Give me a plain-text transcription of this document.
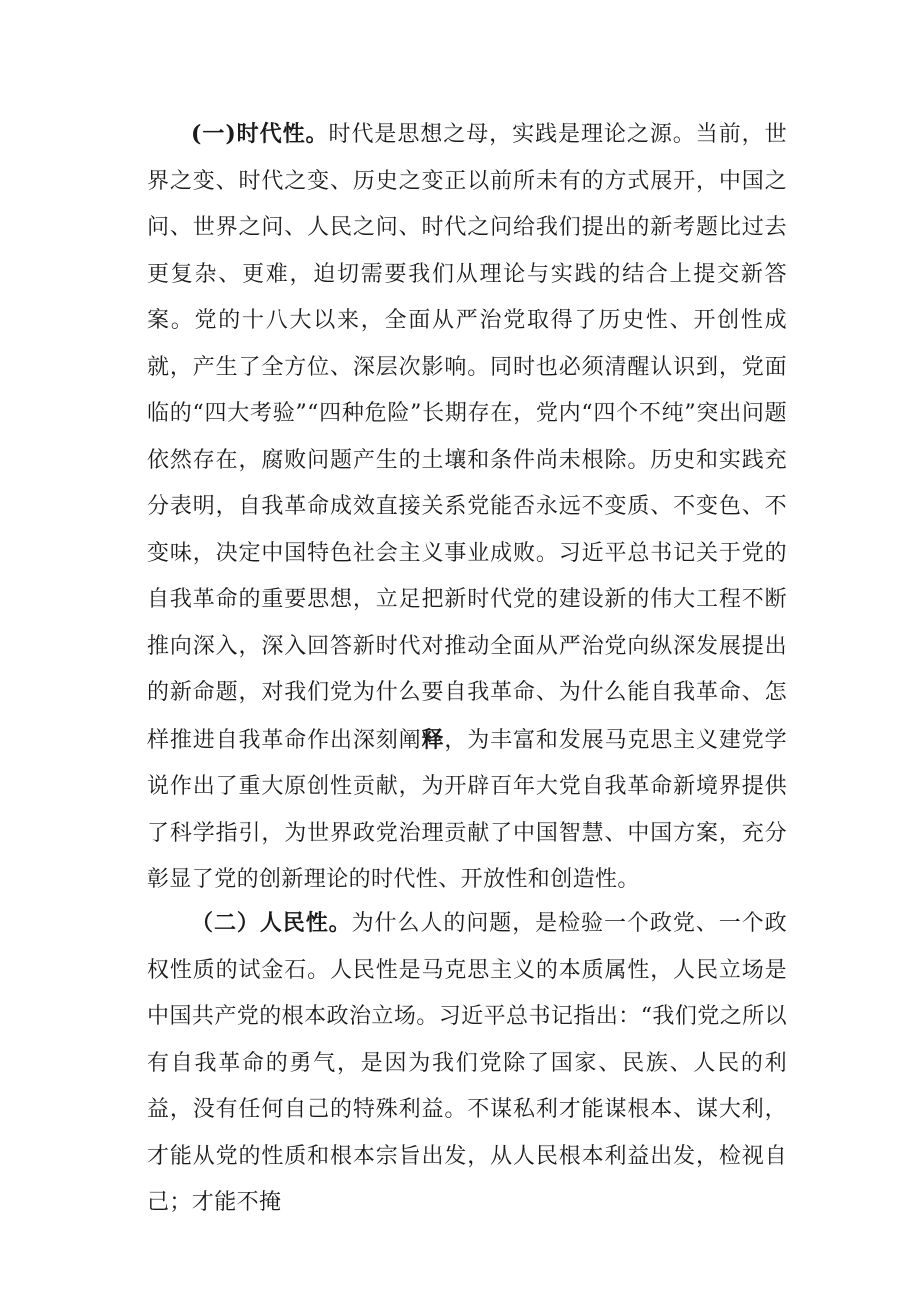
(一)时代性。时代是思想之母，实践是理论之源。当前，世界之变、时代之变、历史之变正以前所未有的方式展开，中国之问、世界之问、人民之问、时代之问给我们提出的新考题比过去更复杂、更难，迫切需要我们从理论与实践的结合上提交新答案。党的十八大以来，全面从严治党取得了历史性、开创性成就，产生了全方位、深层次影响。同时也必须清醒认识到，党面临的“四大考验”“四种危险”长期存在，党内“四个不纯”突出问题依然存在，腐败问题产生的土壤和条件尚未根除。历史和实践充分表明，自我革命成效直接关系党能否永远不变质、不变色、不变味，决定中国特色社会主义事业成败。习近平总书记关于党的自我革命的重要思想，立足把新时代党的建设新的伟大工程不断推向深入，深入回答新时代对推动全面从严治党向纵深发展提出的新命题，对我们党为什么要自我革命、为什么能自我革命、怎样推进自我革命作出深刻阐释，为丰富和发展马克思主义建党学说作出了重大原创性贡献，为开辟百年大党自我革命新境界提供了科学指引，为世界政党治理贡献了中国智慧、中国方案，充分彰显了党的创新理论的时代性、开放性和创造性。

（二）人民性。为什么人的问题，是检验一个政党、一个政权性质的试金石。人民性是马克思主义的本质属性，人民立场是中国共产党的根本政治立场。习近平总书记指出：“我们党之所以有自我革命的勇气，是因为我们党除了国家、民族、人民的利益，没有任何自己的特殊利益。不谋私利才能谋根本、谋大利，才能从党的性质和根本宗旨出发，从人民根本利益出发，检视自己；才能不掩
